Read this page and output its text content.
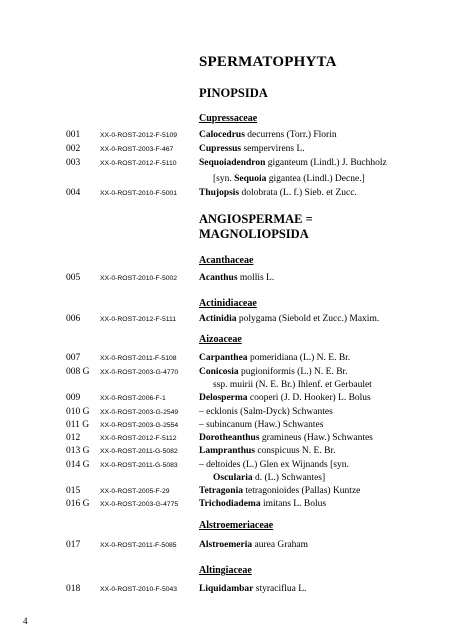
SPERMATOPHYTA
PINOPSIDA
Cupressaceae
001	XX-0-ROST-2012-F-5109 Calocedrus decurrens (Torr.) Florin
002	XX-0-ROST-2003-F-467	Cupressus sempervirens L.
003	XX-0-ROST-2012-F-5110 Sequoiadendron giganteum (Lindl.) J. Buchholz
[syn. Sequoia gigantea (Lindl.) Decne.]
004	XX-0-ROST-2010-F-5001 Thujopsis dolobrata (L. f.) Sieb. et Zucc.
ANGIOSPERMAE =
MAGNOLIOPSIDA
Acanthaceae
005	XX-0-ROST-2010-F-5002 Acanthus mollis L.
Actinidiaceae
006	XX-0-ROST-2012-F-5111 Actinidia polygama (Siebold et Zucc.) Maxim.
Aizoaceae
007	XX-0-ROST-2011-F-5108 Carpanthea pomeridiana (L.) N. E. Br.
008 G XX-0-ROST-2003-G-4770 Conicosia pugioniformis (L.) N. E. Br.
ssp. muirii (N. E. Br.) Ihlenf. et Gerbaulet
009	XX-0-ROST-2006-F-1	Delosperma cooperi (J. D. Hooker) L. Bolus
010 G XX-0-ROST-2003-G-2549 – ecklonis (Salm-Dyck) Schwantes
011 G XX-0-ROST-2003-G-2554 – subincanum (Haw.) Schwantes
012	XX-0-ROST-2012-F-5112 Dorotheanthus gramineus (Haw.) Schwantes
013 G XX-0-ROST-2011-G-5082 Lampranthus conspicuus N. E. Br.
014 G XX-0-ROST-2011-G-5083 – deltoides (L.) Glen ex Wijnands [syn.
Oscularia d. (L.) Schwantes]
015	XX-0-ROST-2005-F-29	Tetragonia tetragonioides (Pallas) Kuntze
016 G XX-0-ROST-2003-G-4775 Trichodiadema imitans L. Bolus
Alstroemeriaceae
017	XX-0-ROST-2011-F-5085 Alstroemeria aurea Graham
Altingiaceae
018	XX-0-ROST-2010-F-5043 Liquidambar styraciflua L.
4
